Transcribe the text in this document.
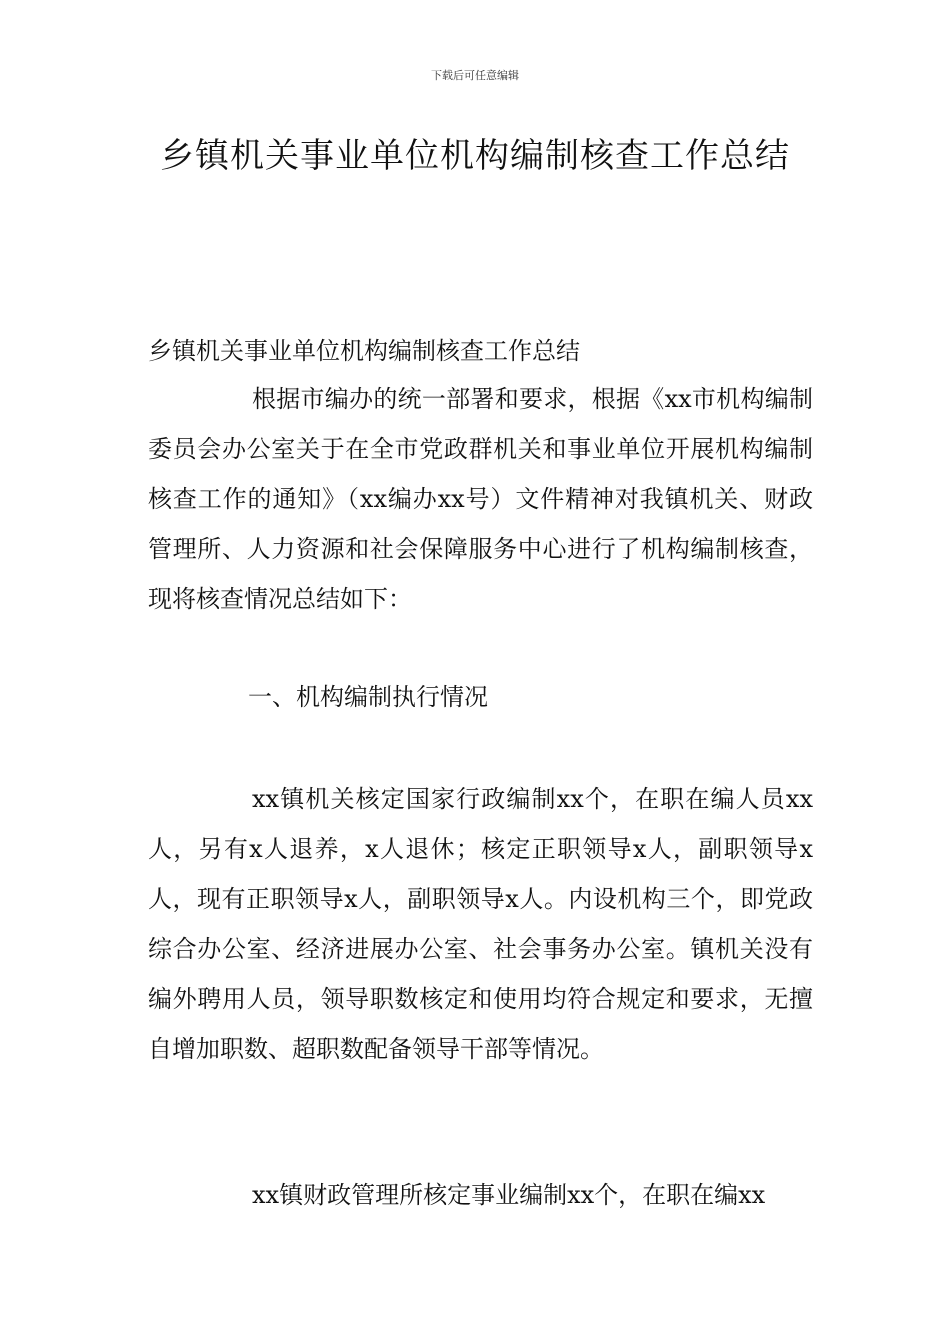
下载后可任意编辑
乡镇机关事业单位机构编制核查工作总结
乡镇机关事业单位机构编制核查工作总结
根据市编办的统一部署和要求，根据《xx市机构编制委员会办公室关于在全市党政群机关和事业单位开展机构编制核查工作的通知》（xx编办xx号）文件精神对我镇机关、财政管理所、人力资源和社会保障服务中心进行了机构编制核查，现将核查情况总结如下：
一、机构编制执行情况
xx镇机关核定国家行政编制xx个，在职在编人员xx人，另有x人退养，x人退休；核定正职领导x人，副职领导x人，现有正职领导x人，副职领导x人。内设机构三个，即党政综合办公室、经济进展办公室、社会事务办公室。镇机关没有编外聘用人员，领导职数核定和使用均符合规定和要求，无擅自增加职数、超职数配备领导干部等情况。
xx镇财政管理所核定事业编制xx个，在职在编xx
